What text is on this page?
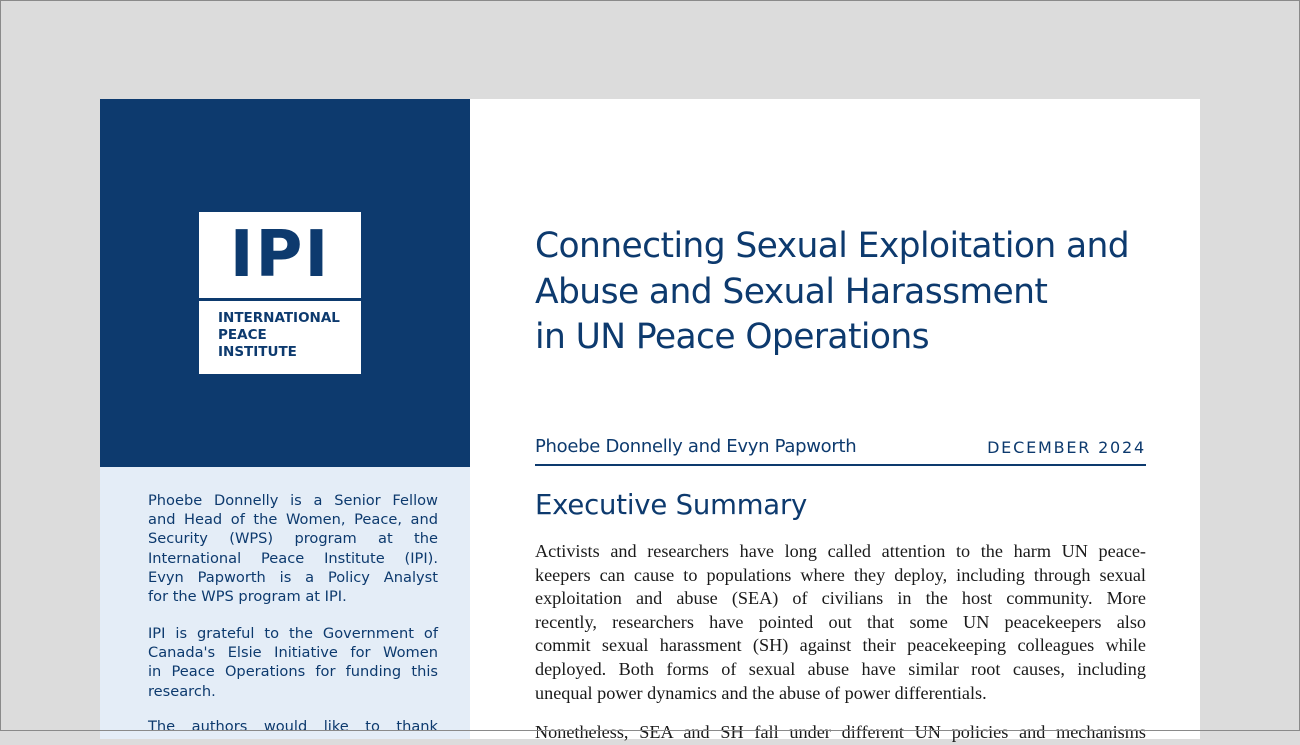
IPI
INTERNATIONAL
PEACE
INSTITUTE

Phoebe Donnelly is a Senior Fellow
and Head of the Women, Peace, and
Security (WPS) program at the
International Peace Institute (IPI).
Evyn Papworth is a Policy Analyst
for the WPS program at IPI.

IPI is grateful to the Government of
Canada's Elsie Initiative for Women
in Peace Operations for funding this
research.

The authors would like to thank

Connecting Sexual Exploitation and
Abuse and Sexual Harassment
in UN Peace Operations
Phoebe Donnelly and Evyn Papworth	DECEMBER 2024
Executive Summary

Activists and researchers have long called attention to the harm UN peace-
keepers can cause to populations where they deploy, including through sexual
exploitation and abuse (SEA) of civilians in the host community. More
recently, researchers have pointed out that some UN peacekeepers also
commit sexual harassment (SH) against their peacekeeping colleagues while
deployed. Both forms of sexual abuse have similar root causes, including
unequal power dynamics and the abuse of power differentials.

Nonetheless, SEA and SH fall under different UN policies and mechanisms
